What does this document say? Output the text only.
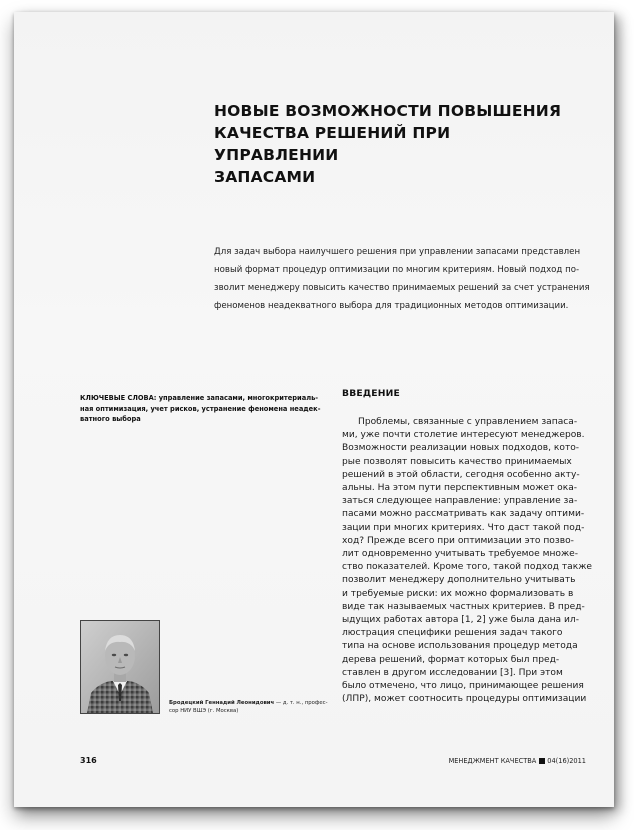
НОВЫЕ ВОЗМОЖНОСТИ ПОВЫШЕНИЯ
КАЧЕСТВА РЕШЕНИЙ ПРИ УПРАВЛЕНИИ
ЗАПАСАМИ

Для задач выбора наилучшего решения при управлении запасами представлен
новый формат процедур оптимизации по многим критериям. Новый подход по-
зволит менеджеру повысить качество принимаемых решений за счет устранения
феноменов неадекватного выбора для традиционных методов оптимизации.

КЛЮЧЕВЫЕ СЛОВА: управление запасами, многокритериаль-
ная оптимизация, учет рисков, устранение феномена неадек-
ватного выбора

ВВЕДЕНИЕ

Проблемы, связанные с управлением запаса-
ми, уже почти столетие интересуют менеджеров.
Возможности реализации новых подходов, кото-
рые позволят повысить качество принимаемых
решений в этой области, сегодня особенно акту-
альны. На этом пути перспективным может ока-
заться следующее направление: управление за-
пасами можно рассматривать как задачу оптими-
зации при многих критериях. Что даст такой под-
ход? Прежде всего при оптимизации это позво-
лит одновременно учитывать требуемое множе-
ство показателей. Кроме того, такой подход также
позволит менеджеру дополнительно учитывать
и требуемые риски: их можно формализовать в
виде так называемых частных критериев. В пред-
ыдущих работах автора [1, 2] уже была дана ил-
люстрация специфики решения задач такого
типа на основе использования процедур метода
дерева решений, формат которых был пред-
ставлен в другом исследовании [3]. При этом
было отмечено, что лицо, принимающее решения
(ЛПР), может соотносить процедуры оптимизации

Бродецкий Геннадий Леонидович — д. т. н., профес-
сор НИУ ВШЭ (г. Москва)

316	МЕНЕДЖМЕНТ КАЧЕСТВА 04(16)2011
